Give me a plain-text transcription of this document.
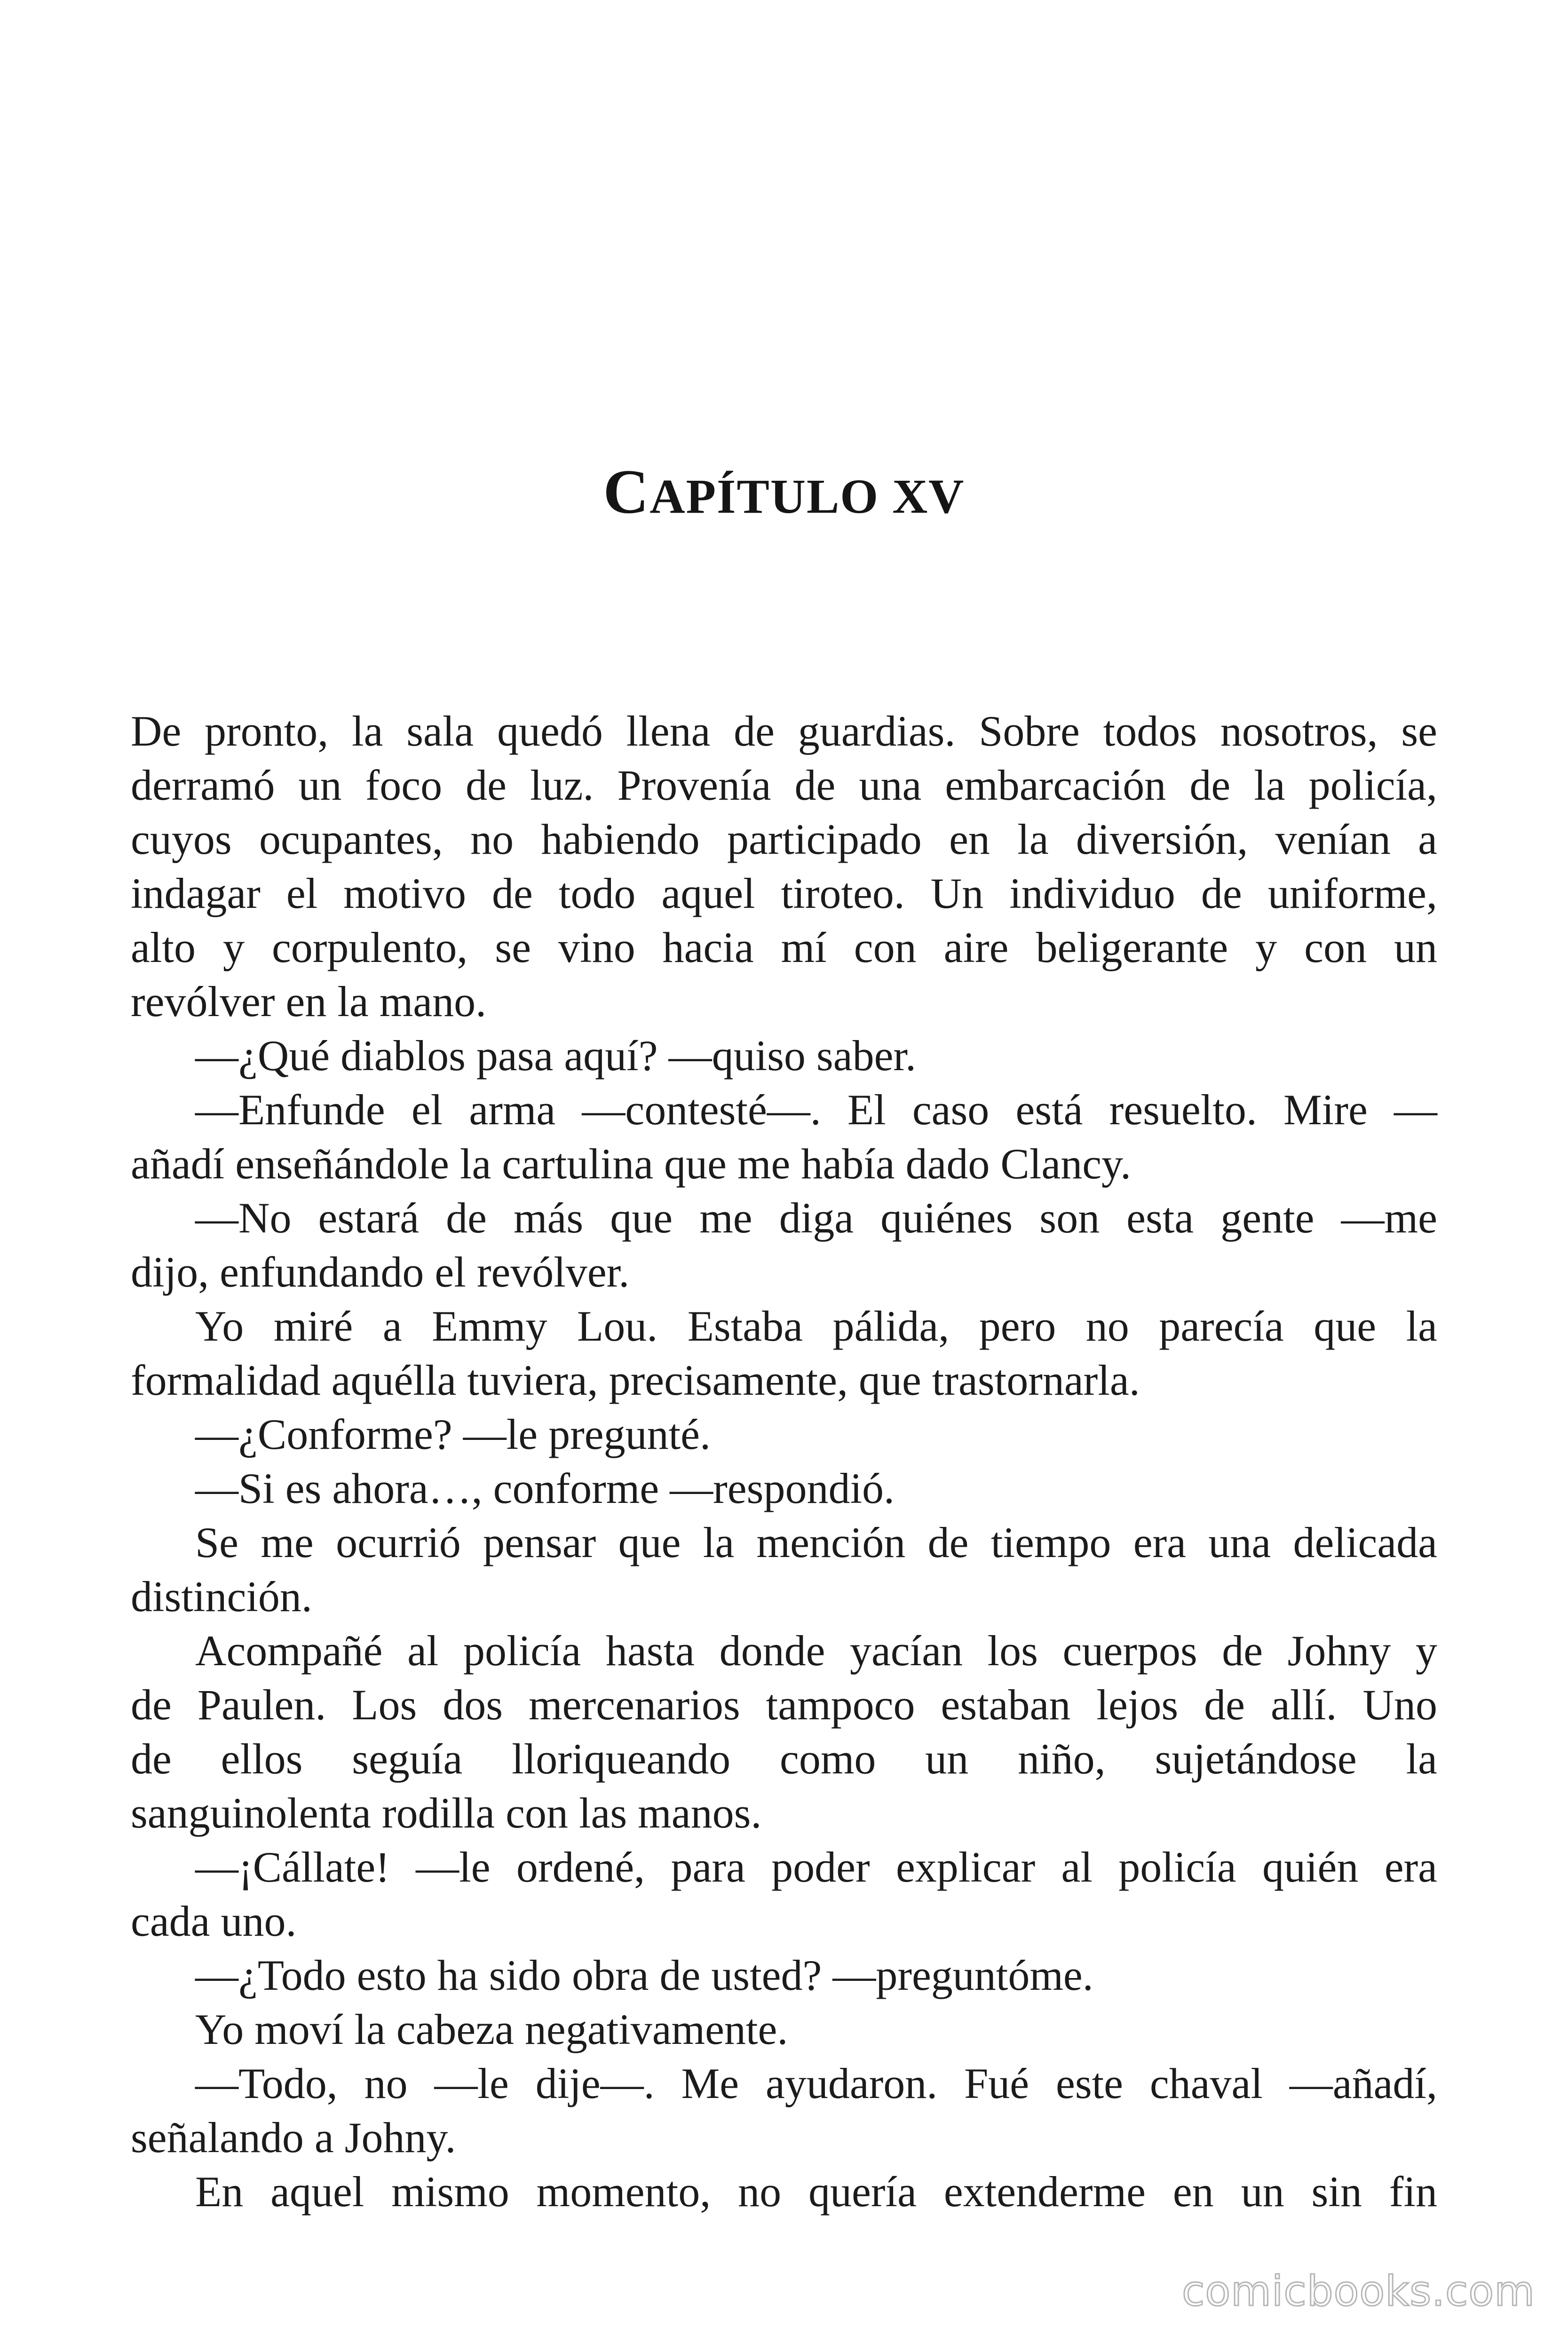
CAPÍTULO XV
De pronto, la sala quedó llena de guardias. Sobre todos nosotros, se
derramó un foco de luz. Provenía de una embarcación de la policía,
cuyos ocupantes, no habiendo participado en la diversión, venían a
indagar el motivo de todo aquel tiroteo. Un individuo de uniforme,
alto y corpulento, se vino hacia mí con aire beligerante y con un
revólver en la mano.
—¿Qué diablos pasa aquí? —quiso saber.
—Enfunde el arma —contesté—. El caso está resuelto. Mire —
añadí enseñándole la cartulina que me había dado Clancy.
—No estará de más que me diga quiénes son esta gente —me
dijo, enfundando el revólver.
Yo miré a Emmy Lou. Estaba pálida, pero no parecía que la
formalidad aquélla tuviera, precisamente, que trastornarla.
—¿Conforme? —le pregunté.
—Si es ahora…, conforme —respondió.
Se me ocurrió pensar que la mención de tiempo era una delicada
distinción.
Acompañé al policía hasta donde yacían los cuerpos de Johny y
de Paulen. Los dos mercenarios tampoco estaban lejos de allí. Uno
de ellos seguía lloriqueando como un niño, sujetándose la
sanguinolenta rodilla con las manos.
—¡Cállate! —le ordené, para poder explicar al policía quién era
cada uno.
—¿Todo esto ha sido obra de usted? —preguntóme.
Yo moví la cabeza negativamente.
—Todo, no —le dije—. Me ayudaron. Fué este chaval —añadí,
señalando a Johny.
En aquel mismo momento, no quería extenderme en un sin fin
comicbooks.com
